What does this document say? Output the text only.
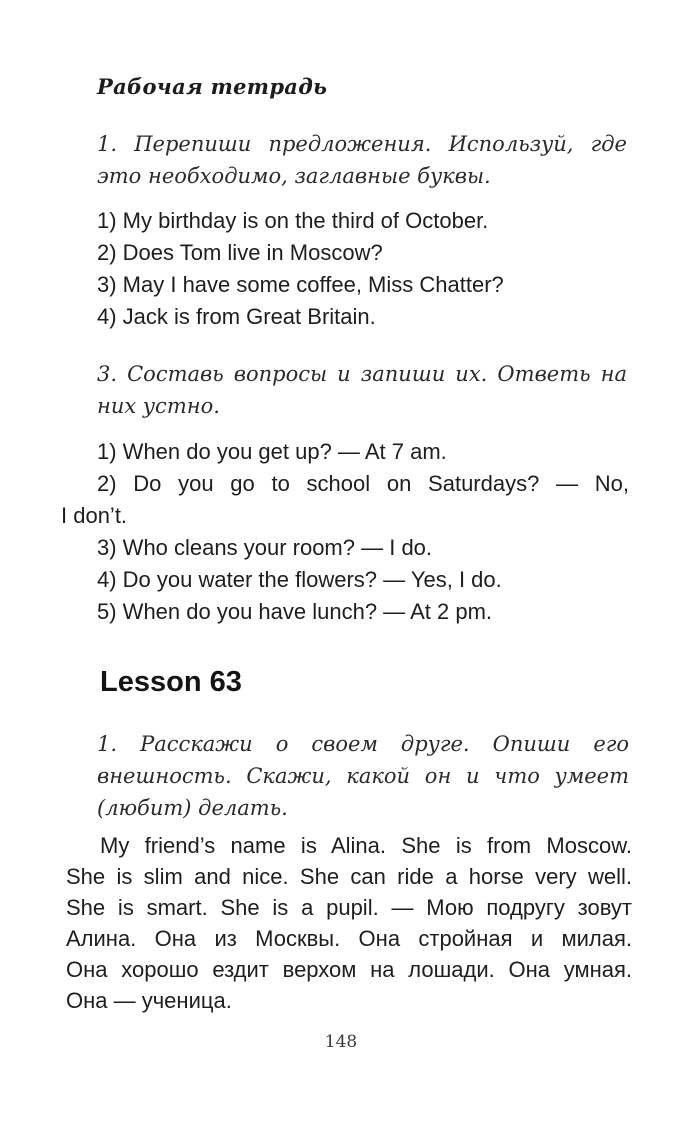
Рабочая тетрадь

1. Перепиши предложения. Используй, где это необходимо, заглавные буквы.

1) My birthday is on the third of October.
2) Does Tom live in Moscow?
3) May I have some coffee, Miss Chatter?
4) Jack is from Great Britain.

3. Составь вопросы и запиши их. Ответь на них устно.

1) When do you get up? — At 7 am.
2) Do you go to school on Saturdays? — No,
I don’t.
3) Who cleans your room? — I do.
4) Do you water the flowers? — Yes, I do.
5) When do you have lunch? — At 2 pm.
Lesson 63

1. Расскажи о своем друге. Опиши его внешность. Скажи, какой он и что умеет (любит) делать.

My friend’s name is Alina. She is from Moscow.
She is slim and nice. She can ride a horse very well.
She is smart. She is a pupil. — Мою подругу зовут
Алина. Она из Москвы. Она стройная и милая.
Она хорошо ездит верхом на лошади. Она умная.
Она — ученица.

148
